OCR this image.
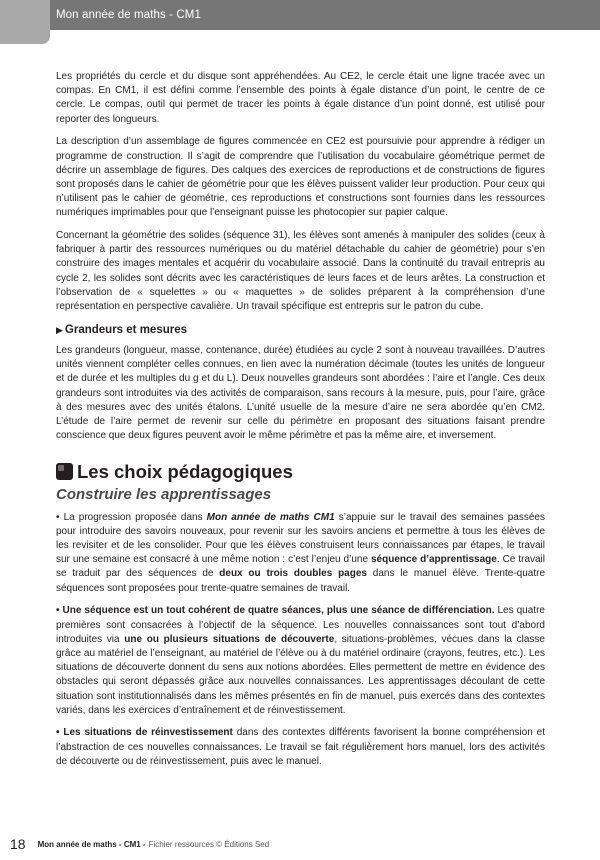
Mon année de maths - CM1

Les propriétés du cercle et du disque sont appréhendées. Au CE2, le cercle était une ligne tracée avec un compas. En CM1, il est défini comme l’ensemble des points à égale distance d’un point, le centre de ce cercle. Le compas, outil qui permet de tracer les points à égale distance d’un point donné, est utilisé pour reporter des longueurs.

La description d’un assemblage de figures commencée en CE2 est poursuivie pour apprendre à rédiger un programme de construction. Il s’agit de comprendre que l’utilisation du vocabulaire géométrique permet de décrire un assemblage de figures. Des calques des exercices de reproductions et de constructions de figures sont proposés dans le cahier de géométrie pour que les élèves puissent valider leur production. Pour ceux qui n’utilisent pas le cahier de géométrie, ces reproductions et constructions sont fournies dans les ressources numériques imprimables pour que l’enseignant puisse les photocopier sur papier calque.

Concernant la géométrie des solides (séquence 31), les élèves sont amenés à manipuler des solides (ceux à fabriquer à partir des ressources numériques ou du matériel détachable du cahier de géométrie) pour s’en construire des images mentales et acquérir du vocabulaire associé. Dans la continuité du travail entrepris au cycle 2, les solides sont décrits avec les caractéristiques de leurs faces et de leurs arêtes. La construction et l’observation de « squelettes » ou « maquettes » de solides préparent à la compréhension d’une représentation en perspective cavalière. Un travail spécifique est entrepris sur le patron du cube.

▶ Grandeurs et mesures

Les grandeurs (longueur, masse, contenance, durée) étudiées au cycle 2 sont à nouveau travaillées. D’autres unités viennent compléter celles connues, en lien avec la numération décimale (toutes les unités de longueur et de durée et les multiples du g et du L). Deux nouvelles grandeurs sont abordées : l’aire et l’angle. Ces deux grandeurs sont introduites via des activités de comparaison, sans recours à la mesure, puis, pour l’aire, grâce à des mesures avec des unités étalons. L’unité usuelle de la mesure d’aire ne sera abordée qu’en CM2. L’étude de l’aire permet de revenir sur celle du périmètre en proposant des situations faisant prendre conscience que deux figures peuvent avoir le même périmètre et pas la même aire, et inversement.

Les choix pédagogiques
Construire les apprentissages

• La progression proposée dans Mon année de maths CM1 s’appuie sur le travail des semaines passées pour introduire des savoirs nouveaux, pour revenir sur les savoirs anciens et permettre à tous les élèves de les revisiter et de les consolider. Pour que les élèves construisent leurs connaissances par étapes, le travail sur une semaine est consacré à une même notion : c’est l’enjeu d’une séquence d’apprentissage. Ce travail se traduit par des séquences de deux ou trois doubles pages dans le manuel élève. Trente-quatre séquences sont proposées pour trente-quatre semaines de travail.

• Une séquence est un tout cohérent de quatre séances, plus une séance de différenciation. Les quatre premières sont consacrées à l’objectif de la séquence. Les nouvelles connaissances sont tout d’abord introduites via une ou plusieurs situations de découverte, situations-problèmes, vécues dans la classe grâce au matériel de l’enseignant, au matériel de l’élève ou à du matériel ordinaire (crayons, feutres, etc.). Les situations de découverte donnent du sens aux notions abordées. Elles permettent de mettre en évidence des obstacles qui seront dépassés grâce aux nouvelles connaissances. Les apprentissages découlant de cette situation sont institutionnalisés dans les mêmes présentés en fin de manuel, puis exercés dans des contextes variés, dans les exercices d’entraînement et de réinvestissement.

• Les situations de réinvestissement dans des contextes différents favorisent la bonne compréhension et l’abstraction de ces nouvelles connaissances. Le travail se fait régulièrement hors manuel, lors des activités de découverte ou de réinvestissement, puis avec le manuel.

18 Mon année de maths - CM1 - Fichier ressources © Éditions Sed
